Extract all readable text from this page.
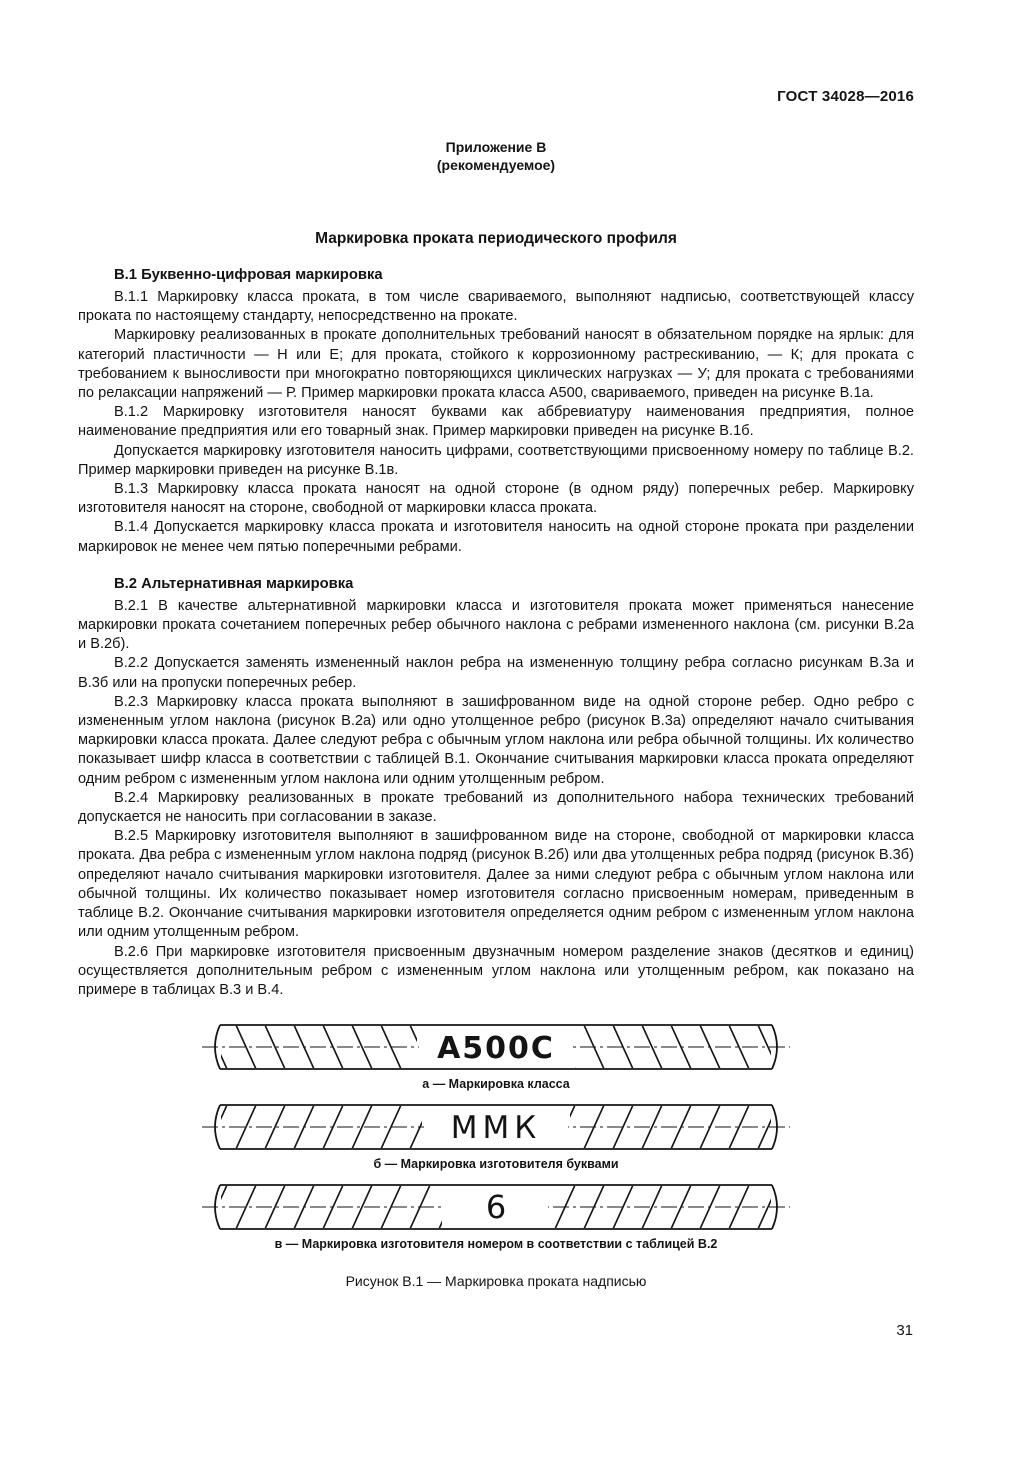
ГОСТ 34028—2016
Приложение В
(рекомендуемое)
Маркировка проката периодического профиля
В.1 Буквенно-цифровая маркировка

В.1.1 Маркировку класса проката, в том числе свариваемого, выполняют надписью, соответствующей классу проката по настоящему стандарту, непосредственно на прокате.

Маркировку реализованных в прокате дополнительных требований наносят в обязательном порядке на ярлык: для категорий пластичности — Н или Е; для проката, стойкого к коррозионному растрескиванию, — К; для проката с требованием к выносливости при многократно повторяющихся циклических нагрузках — У; для проката с требованиями по релаксации напряжений — Р. Пример маркировки проката класса А500, свариваемого, приведен на рисунке В.1а.

В.1.2 Маркировку изготовителя наносят буквами как аббревиатуру наименования предприятия, полное наименование предприятия или его товарный знак. Пример маркировки приведен на рисунке В.1б.

Допускается маркировку изготовителя наносить цифрами, соответствующими присвоенному номеру по таблице В.2. Пример маркировки приведен на рисунке В.1в.

В.1.3 Маркировку класса проката наносят на одной стороне (в одном ряду) поперечных ребер. Маркировку изготовителя наносят на стороне, свободной от маркировки класса проката.

В.1.4 Допускается маркировку класса проката и изготовителя наносить на одной стороне проката при разделении маркировок не менее чем пятью поперечными ребрами.

В.2 Альтернативная маркировка

В.2.1 В качестве альтернативной маркировки класса и изготовителя проката может применяться нанесение маркировки проката сочетанием поперечных ребер обычного наклона с ребрами измененного наклона (см. рисунки В.2а и В.2б).

В.2.2 Допускается заменять измененный наклон ребра на измененную толщину ребра согласно рисункам В.3а и В.3б или на пропуски поперечных ребер.

В.2.3 Маркировку класса проката выполняют в зашифрованном виде на одной стороне ребер. Одно ребро с измененным углом наклона (рисунок В.2а) или одно утолщенное ребро (рисунок В.3а) определяют начало считывания маркировки класса проката. Далее следуют ребра с обычным углом наклона или ребра обычной толщины. Их количество показывает шифр класса в соответствии с таблицей В.1. Окончание считывания маркировки класса проката определяют одним ребром с измененным углом наклона или одним утолщенным ребром.

В.2.4 Маркировку реализованных в прокате требований из дополнительного набора технических требований допускается не наносить при согласовании в заказе.

В.2.5 Маркировку изготовителя выполняют в зашифрованном виде на стороне, свободной от маркировки класса проката. Два ребра с измененным углом наклона подряд (рисунок В.2б) или два утолщенных ребра подряд (рисунок В.3б) определяют начало считывания маркировки изготовителя. Далее за ними следуют ребра с обычным углом наклона или обычной толщины. Их количество показывает номер изготовителя согласно присвоенным номерам, приведенным в таблице В.2. Окончание считывания маркировки изготовителя определяется одним ребром с измененным углом наклона или одним утолщенным ребром.

В.2.6 При маркировке изготовителя присвоенным двузначным номером разделение знаков (десятков и единиц) осуществляется дополнительным ребром с измененным углом наклона или утолщенным ребром, как показано на примере в таблицах В.3 и В.4.

А500С
а — Маркировка класса
ММК
б — Маркировка изготовителя буквами
6
в — Маркировка изготовителя номером в соответствии с таблицей В.2
Рисунок В.1 — Маркировка проката надписью
31
